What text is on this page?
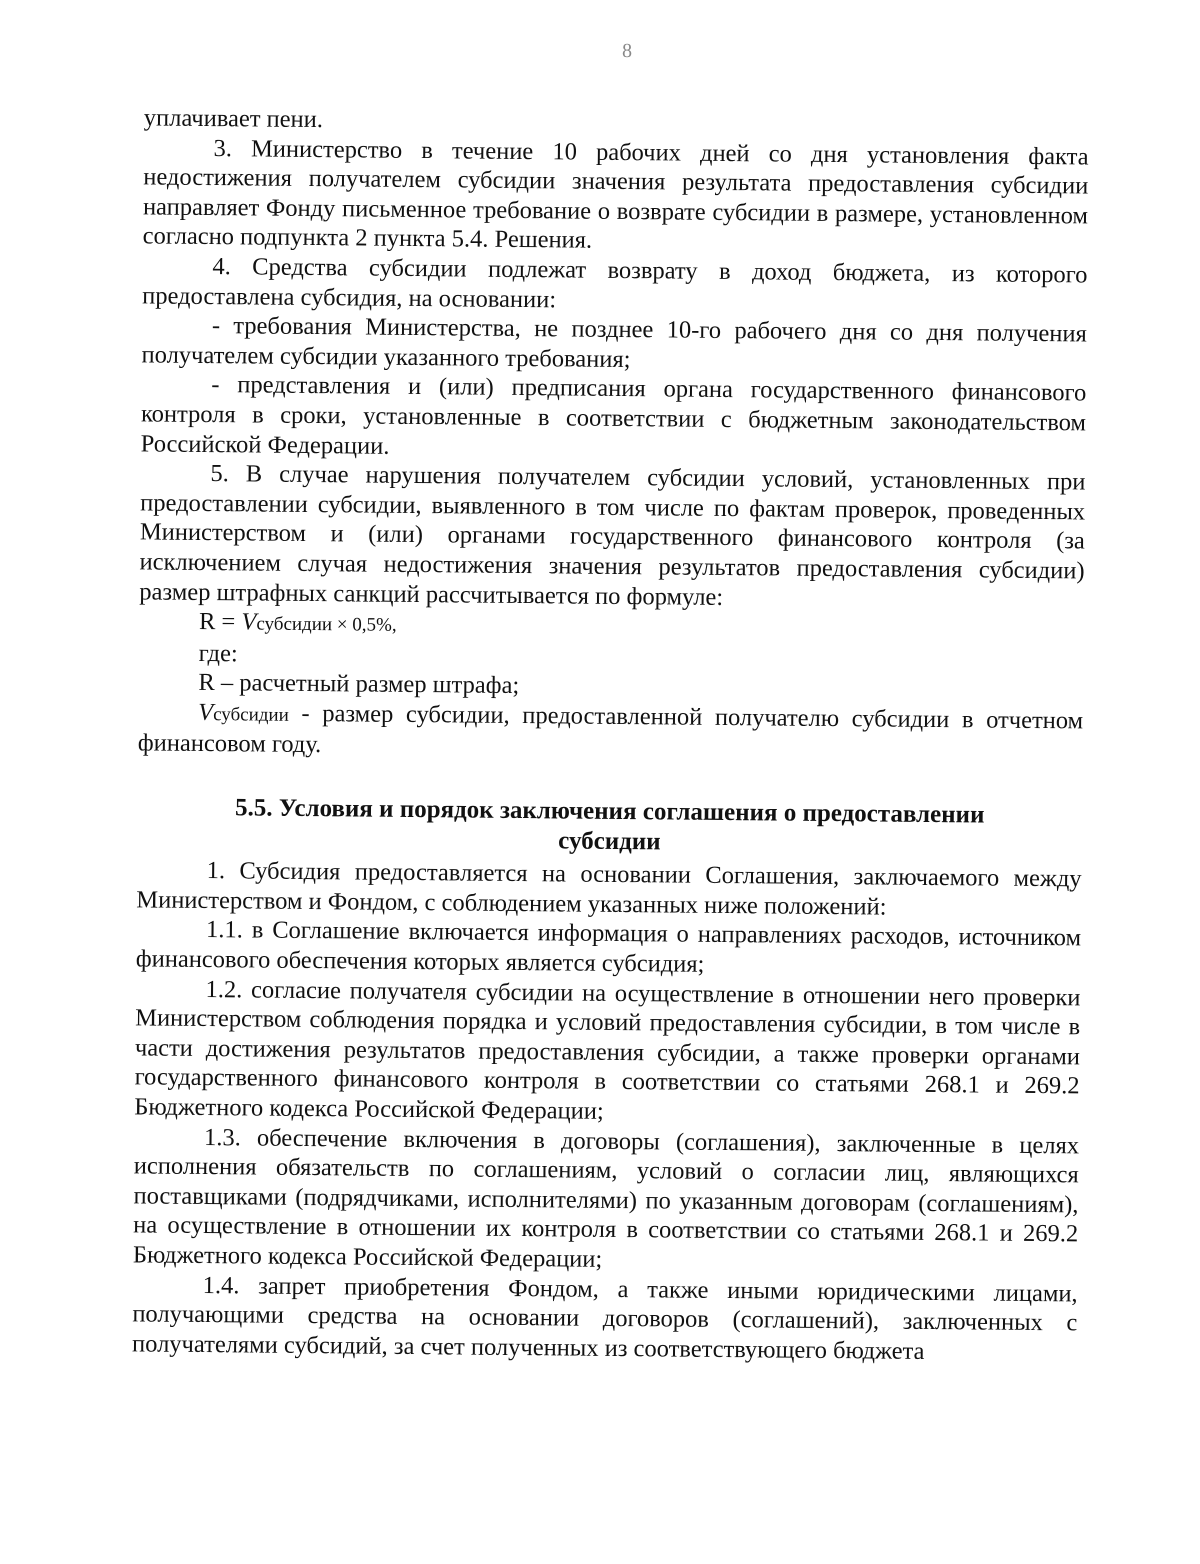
8

уплачивает пени.

3. Министерство в течение 10 рабочих дней со дня установления факта недостижения получателем субсидии значения результата предоставления субсидии направляет Фонду письменное требование о возврате субсидии в размере, установленном согласно подпункта 2 пункта 5.4. Решения.

4. Средства субсидии подлежат возврату в доход бюджета, из которого предоставлена субсидия, на основании:

- требования Министерства, не позднее 10-го рабочего дня со дня получения получателем субсидии указанного требования;

- представления и (или) предписания органа государственного финансового контроля в сроки, установленные в соответствии с бюджетным законодательством Российской Федерации.

5. В случае нарушения получателем субсидии условий, установленных при предоставлении субсидии, выявленного в том числе по фактам проверок, проведенных Министерством и (или) органами государственного финансового контроля (за исключением случая недостижения значения результатов предоставления субсидии) размер штрафных санкций рассчитывается по формуле:

R = Vсубсидии × 0,5%,

где:

R – расчетный размер штрафа;

Vсубсидии - размер субсидии, предоставленной получателю субсидии в отчетном финансовом году.

5.5. Условия и порядок заключения соглашения о предоставлении
субсидии

1. Субсидия предоставляется на основании Соглашения, заключаемого между Министерством и Фондом, с соблюдением указанных ниже положений:

1.1. в Соглашение включается информация о направлениях расходов, источником финансового обеспечения которых является субсидия;

1.2. согласие получателя субсидии на осуществление в отношении него проверки Министерством соблюдения порядка и условий предоставления субсидии, в том числе в части достижения результатов предоставления субсидии, а также проверки органами государственного финансового контроля в соответствии со статьями 268.1 и 269.2 Бюджетного кодекса Российской Федерации;

1.3. обеспечение включения в договоры (соглашения), заключенные в целях исполнения обязательств по соглашениям, условий о согласии лиц, являющихся поставщиками (подрядчиками, исполнителями) по указанным договорам (соглашениям), на осуществление в отношении их контроля в соответствии со статьями 268.1 и 269.2 Бюджетного кодекса Российской Федерации;

1.4. запрет приобретения Фондом, а также иными юридическими лицами, получающими средства на основании договоров (соглашений), заключенных с получателями субсидий, за счет полученных из соответствующего бюджета
